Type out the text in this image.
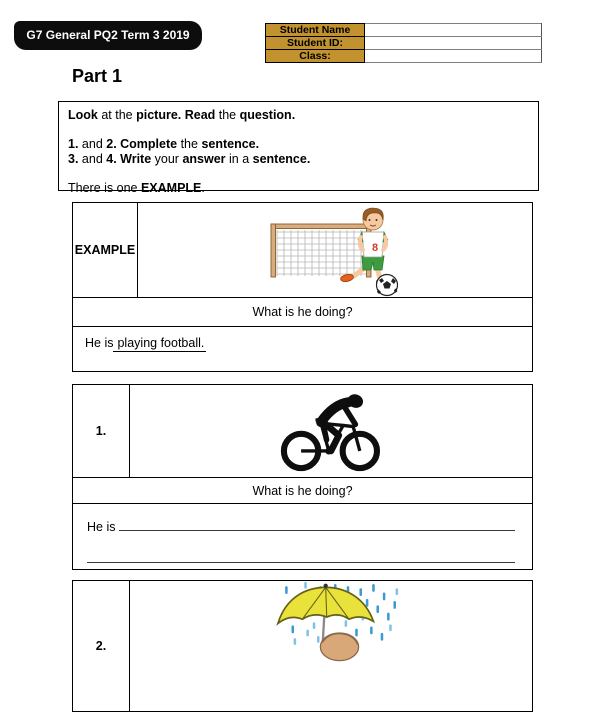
G7 General PQ2 Term 3 2019	Student Name	
Student ID:	
Class:	
Part 1

Look at the picture. Read the question.

1. and 2. Complete the sentence.

3. and 4. Write your answer in a sentence.

There is one EXAMPLE.

EXAMPLE	8
What is he doing?
He is playing football.
1.
What is he doing?
He is
2.
